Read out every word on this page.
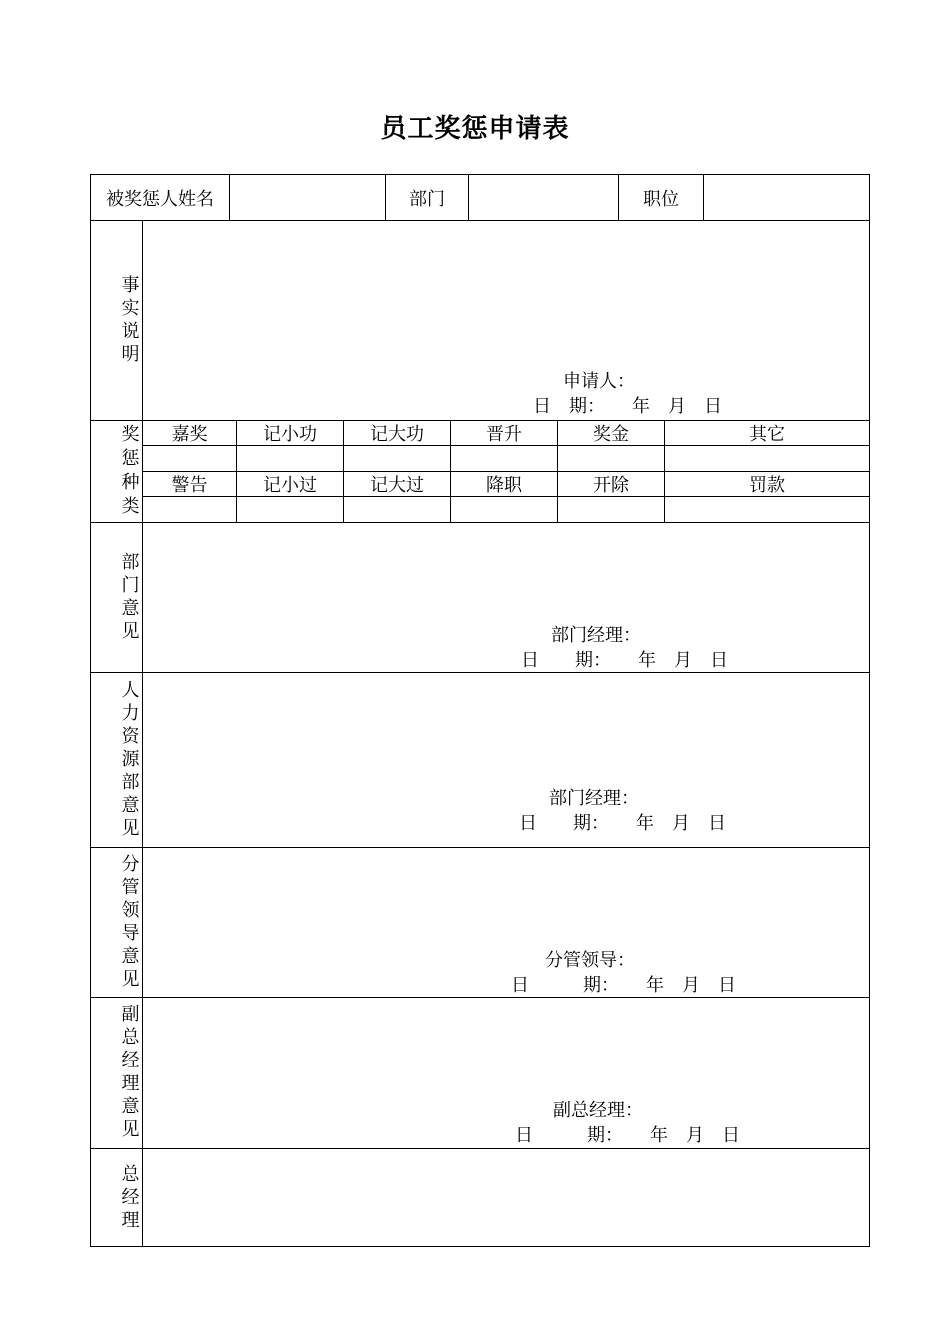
员工奖惩申请表
被奖惩人姓名	部门	职位
事实说明
申请人：
日　期：　　年　月　日
奖惩种类 嘉奖	记小功	记大功	晋升	奖金	其它
警告	记小过	记大过	降职	开除	罚款
部门意见	部门经理：
日　　期：　　年　月　日
人力资源部意见	部门经理：
日　　期：　　年　月　日
分管领导意见	分管领导：
日　　　期：　　年　月　日
副总经理意见	副总经理：
日　　　期：　　年　月　日
总经理
